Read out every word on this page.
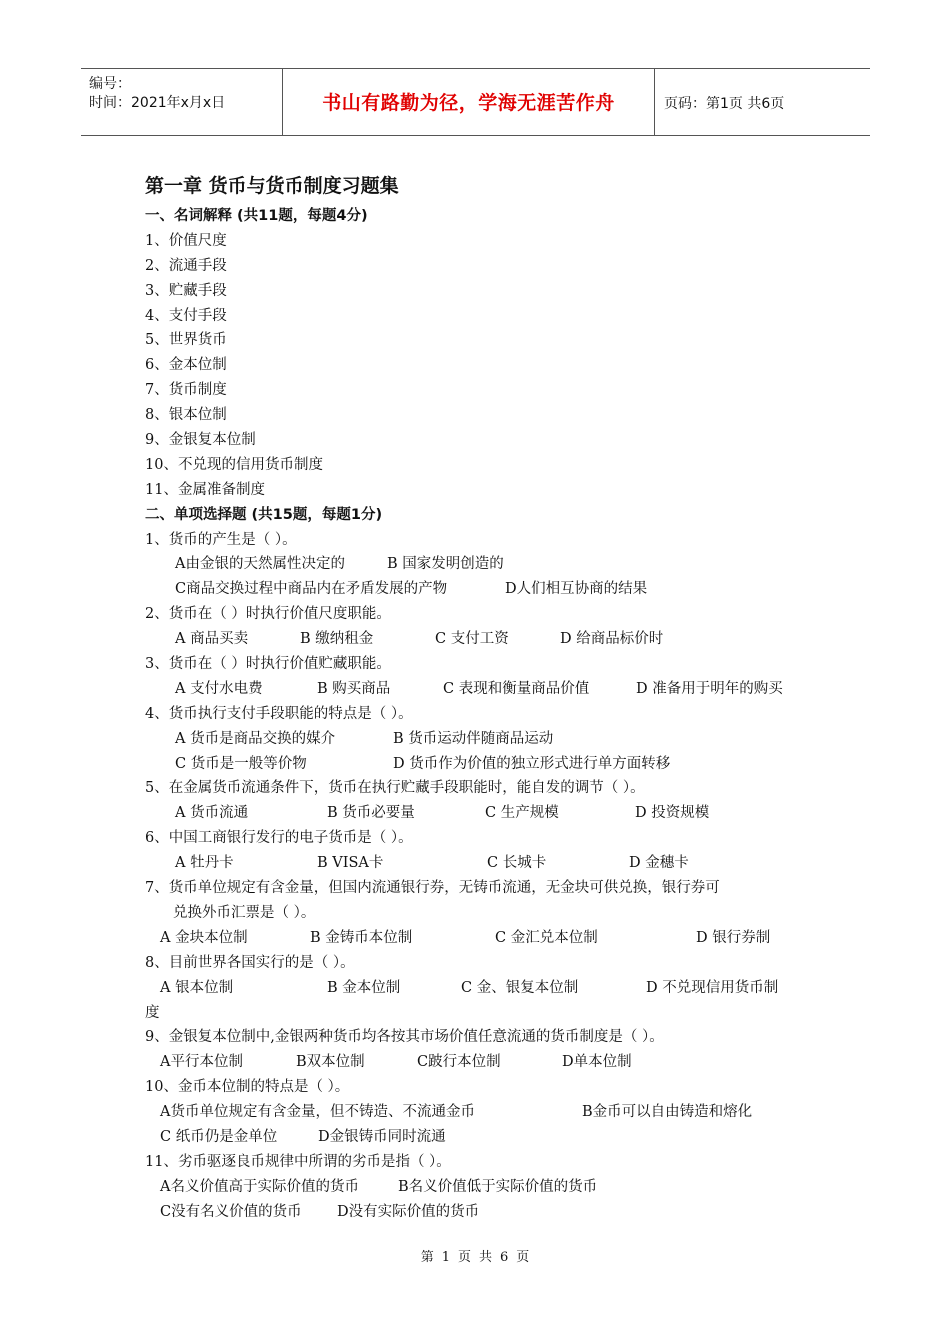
编号：
时间：2021年x月x日	书山有路勤为径，学海无涯苦作舟	页码：第1页 共6页
第一章 货币与货币制度习题集
一、名词解释 (共11题，每题4分)
1、价值尺度
2、流通手段
3、贮藏手段
4、支付手段
5、世界货币
6、金本位制
7、货币制度
8、银本位制
9、金银复本位制
10、不兑现的信用货币制度
11、金属准备制度
二、单项选择题 (共15题，每题1分)
1、货币的产生是（ ）。
A由金银的天然属性决定的	B 国家发明创造的
C商品交换过程中商品内在矛盾发展的产物	D人们相互协商的结果
2、货币在（ ）时执行价值尺度职能。
A 商品买卖	B 缴纳租金	C 支付工资	D 给商品标价时
3、货币在（ ）时执行价值贮藏职能。
A 支付水电费	B 购买商品	C 表现和衡量商品价值	D 准备用于明年的购买
4、货币执行支付手段职能的特点是（ ）。
A 货币是商品交换的媒介	B 货币运动伴随商品运动
C 货币是一般等价物	D 货币作为价值的独立形式进行单方面转移
5、在金属货币流通条件下，货币在执行贮藏手段职能时，能自发的调节（ ）。
A 货币流通	B 货币必要量	C 生产规模	D 投资规模
6、中国工商银行发行的电子货币是（ ）。
A 牡丹卡	B VISA卡	C 长城卡	D 金穗卡
7、货币单位规定有含金量，但国内流通银行券，无铸币流通，无金块可供兑换，银行券可
兑换外币汇票是（ ）。
A 金块本位制	B 金铸币本位制	C 金汇兑本位制	D 银行券制
8、目前世界各国实行的是（ ）。
A 银本位制	B 金本位制	C 金、银复本位制	D 不兑现信用货币制
度
9、金银复本位制中,金银两种货币均各按其市场价值任意流通的货币制度是（ ）。
A平行本位制	B双本位制	C跛行本位制	D单本位制
10、金币本位制的特点是（ ）。
A货币单位规定有含金量，但不铸造、不流通金币	B金币可以自由铸造和熔化
C 纸币仍是金单位	D金银铸币同时流通
11、劣币驱逐良币规律中所谓的劣币是指（ ）。
A名义价值高于实际价值的货币	B名义价值低于实际价值的货币
C没有名义价值的货币 D没有实际价值的货币
第 1 页 共 6 页
